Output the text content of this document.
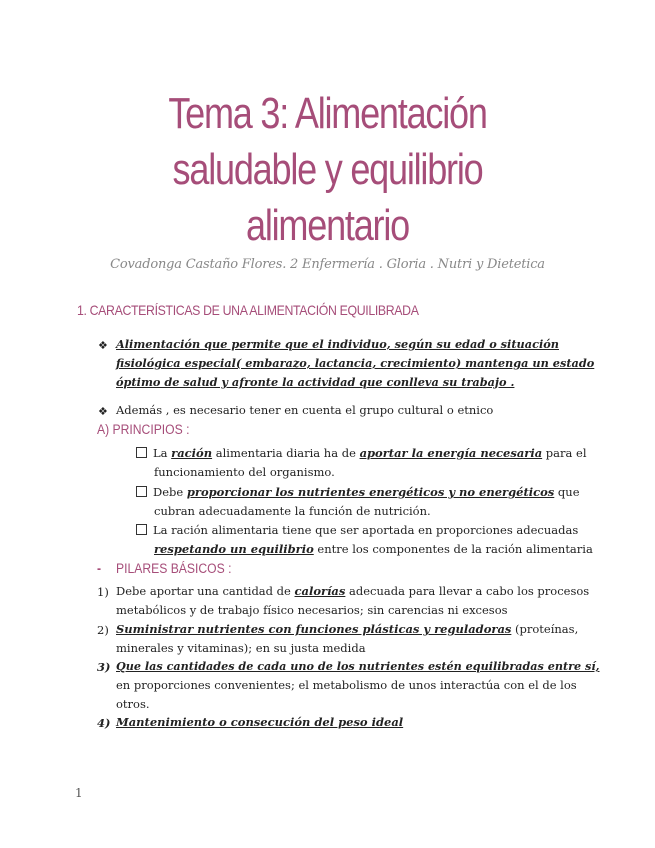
Tema 3: Alimentación
saludable y equilibrio
alimentario
Covadonga Castaño Flores. 2 Enfermería . Gloria . Nutri y Dietetica
1. CARACTERÍSTICAS DE UNA ALIMENTACIÓN EQUILIBRADA
❖ Alimentación que permite que el individuo, según su edad o situación
fisiológica especial( embarazo, lactancia, crecimiento) mantenga un estado
óptimo de salud y afronte la actividad que conlleva su trabajo .
❖ Además , es necesario tener en cuenta el grupo cultural o etnico
A) PRINCIPIOS :
La ración alimentaria diaria ha de aportar la energía necesaria para el
funcionamiento del organismo.
Debe proporcionar los nutrientes energéticos y no energéticos que
cubran adecuadamente la función de nutrición.
La ración alimentaria tiene que ser aportada en proporciones adecuadas
respetando un equilibrio entre los componentes de la ración alimentaria
- PILARES BÁSICOS :
1) Debe aportar una cantidad de calorías adecuada para llevar a cabo los procesos
metabólicos y de trabajo físico necesarios; sin carencias ni excesos
2) Suministrar nutrientes con funciones plásticas y reguladoras (proteínas,
minerales y vitaminas); en su justa medida
3) Que las cantidades de cada uno de los nutrientes estén equilibradas entre sí,
en proporciones convenientes; el metabolismo de unos interactúa con el de los
otros.
4) Mantenimiento o consecución del peso ideal
1
